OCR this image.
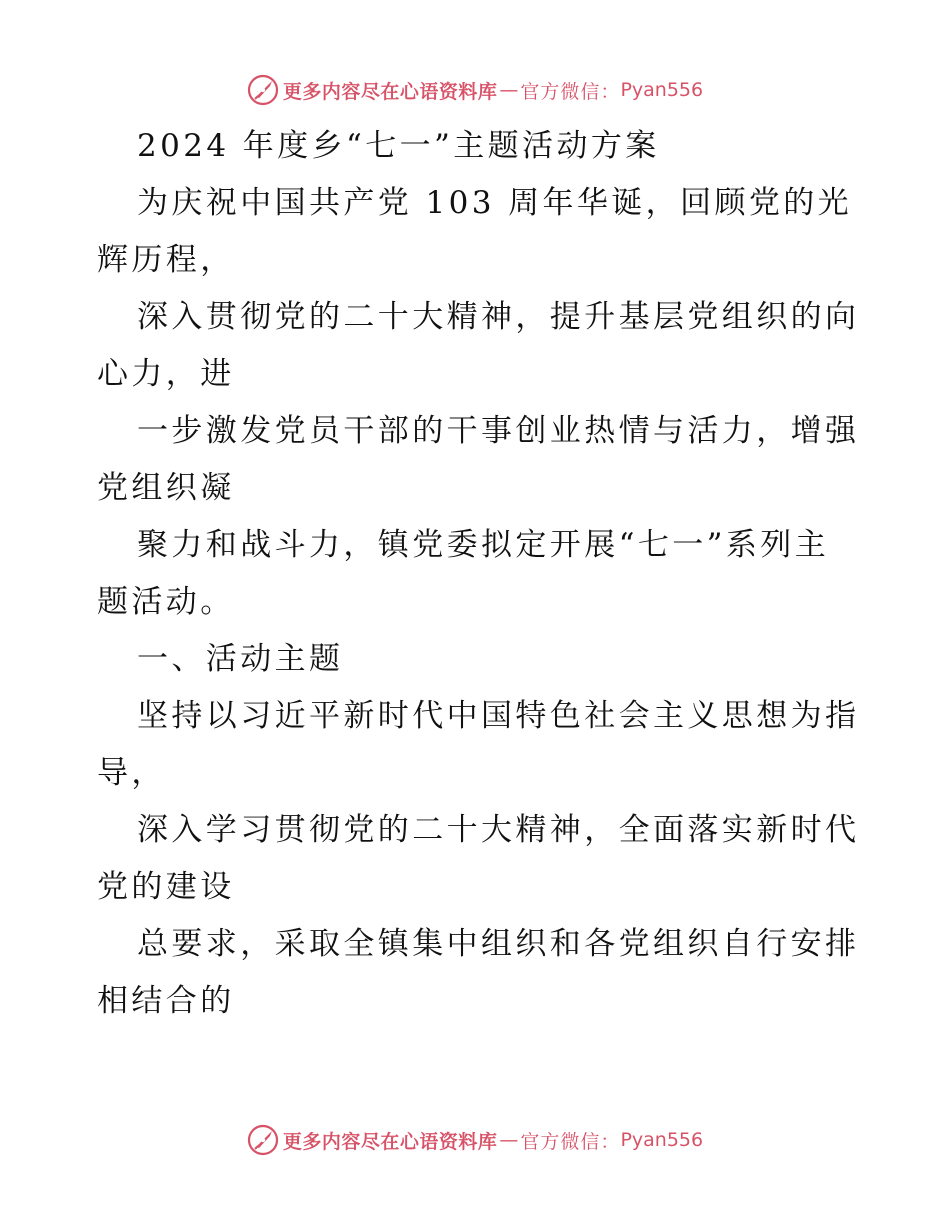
更多内容尽在心语资料库 — 官方微信： Pyan556

2024 年度乡“七一”主题活动方案

为庆祝中国共产党 103 周年华诞，回顾党的光

辉历程，

深入贯彻党的二十大精神，提升基层党组织的向

心力，进

一步激发党员干部的干事创业热情与活力，增强

党组织凝

聚力和战斗力，镇党委拟定开展“七一”系列主

题活动。

一、活动主题

坚持以习近平新时代中国特色社会主义思想为指

导，

深入学习贯彻党的二十大精神，全面落实新时代

党的建设

总要求，采取全镇集中组织和各党组织自行安排

相结合的

更多内容尽在心语资料库 — 官方微信： Pyan556
